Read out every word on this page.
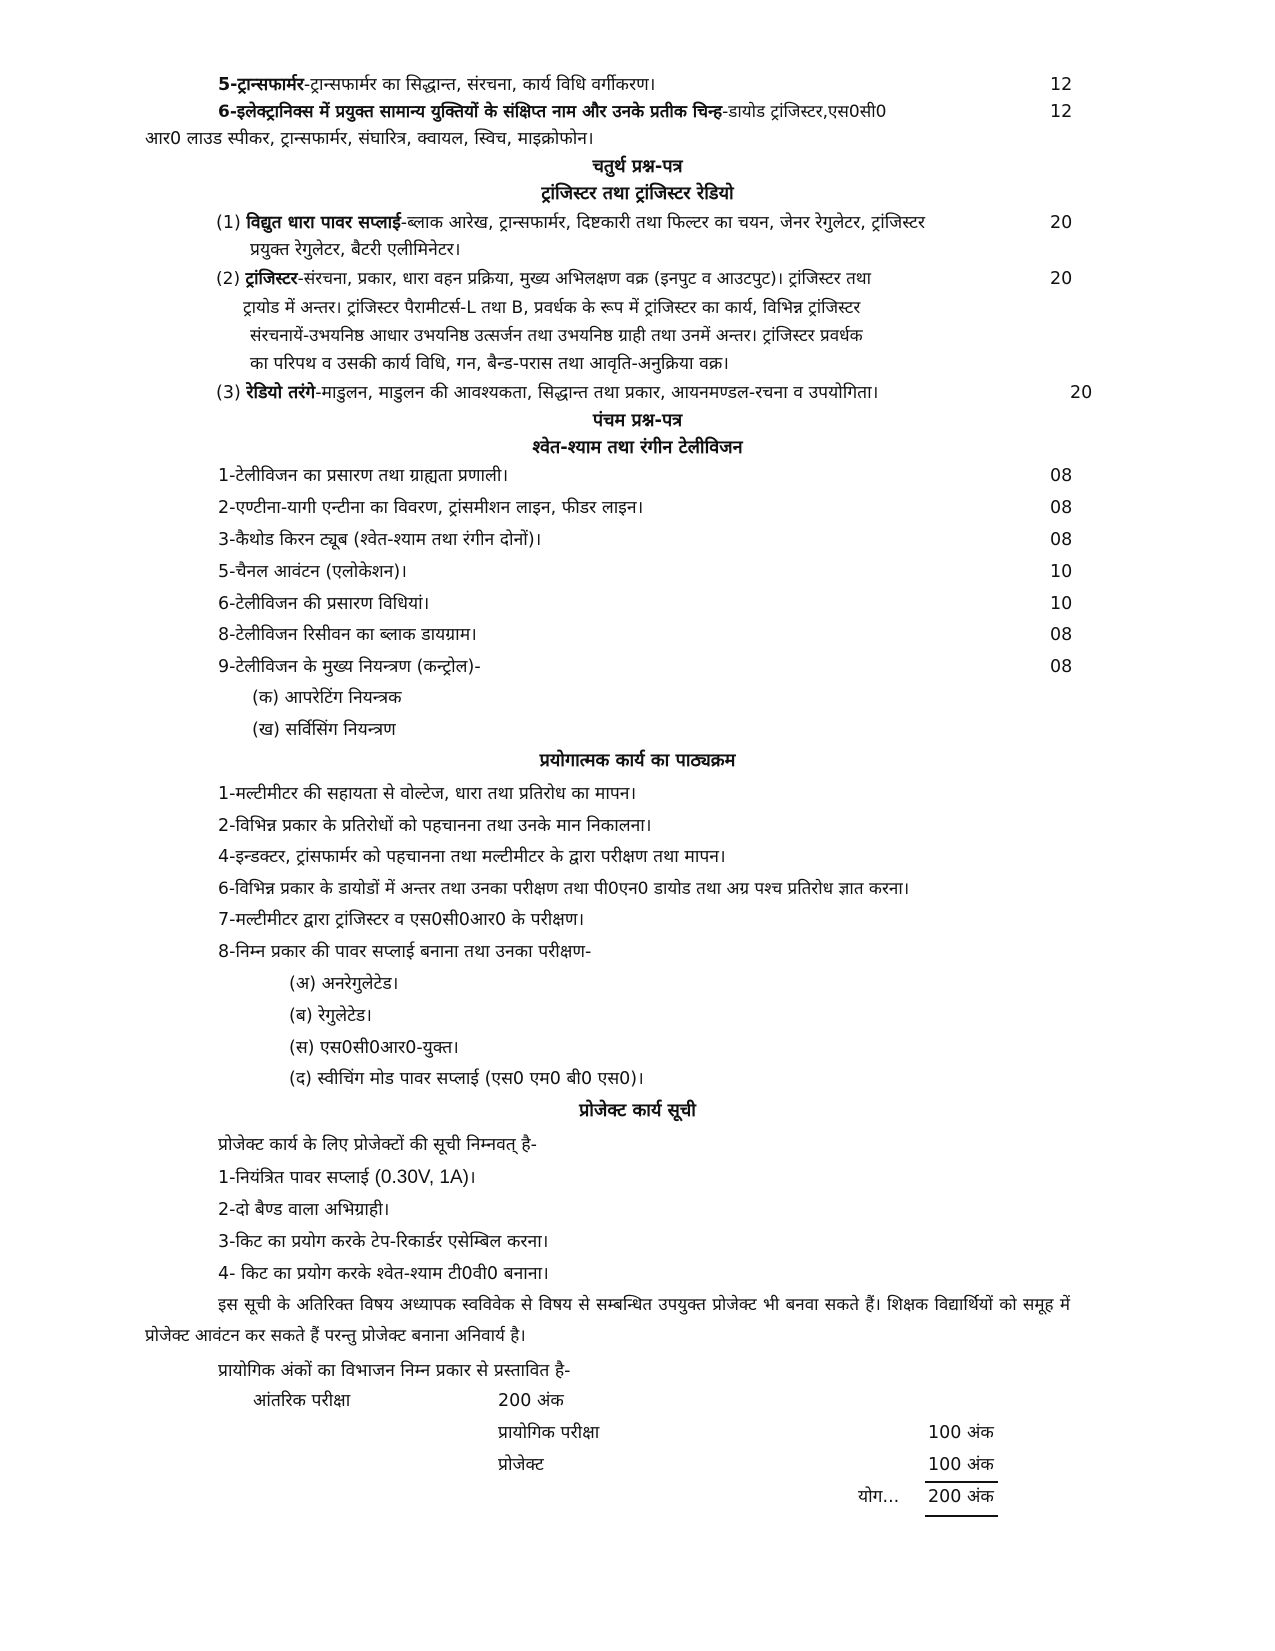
5-ट्रान्सफार्मर-ट्रान्सफार्मर का सिद्धान्त, संरचना, कार्य विधि वर्गीकरण।	12
6-इलेक्ट्रानिक्स में प्रयुक्त सामान्य युक्तियों के संक्षिप्त नाम और उनके प्रतीक चिन्ह-डायोड ट्रांजिस्टर,एस0सी0	12
आर0 लाउड स्पीकर, ट्रान्सफार्मर, संघारित्र, क्वायल, स्विच, माइक्रोफोन।
चतुर्थ प्रश्न-पत्र
ट्रांजिस्टर तथा ट्रांजिस्टर रेडियो
(1) विद्युत धारा पावर सप्लाई-ब्लाक आरेख, ट्रान्सफार्मर, दिष्टकारी तथा फिल्टर का चयन, जेनर रेगुलेटर, ट्रांजिस्टर	20
प्रयुक्त रेगुलेटर, बैटरी एलीमिनेटर।
(2) ट्रांजिस्टर-संरचना, प्रकार, धारा वहन प्रक्रिया, मुख्य अभिलक्षण वक्र (इनपुट व आउटपुट)। ट्रांजिस्टर तथा	20
ट्रायोड में अन्तर। ट्रांजिस्टर पैरामीटर्स-L तथा B, प्रवर्धक के रूप में ट्रांजिस्टर का कार्य, विभिन्न ट्रांजिस्टर
संरचनायें-उभयनिष्ठ आधार उभयनिष्ठ उत्सर्जन तथा उभयनिष्ठ ग्राही तथा उनमें अन्तर। ट्रांजिस्टर प्रवर्धक
का परिपथ व उसकी कार्य विधि, गन, बैन्ड-परास तथा आवृति-अनुक्रिया वक्र।
(3) रेडियो तरंगे-माडुलन, माडुलन की आवश्यकता, सिद्धान्त तथा प्रकार, आयनमण्डल-रचना व उपयोगिता।	20
पंचम प्रश्न-पत्र
श्वेत-श्याम तथा रंगीन टेलीविजन
1-टेलीविजन का प्रसारण तथा ग्राह्यता प्रणाली।	08
2-एण्टीना-यागी एन्टीना का विवरण, ट्रांसमीशन लाइन, फीडर लाइन।	08
3-कैथोड किरन ट्यूब (श्वेत-श्याम तथा रंगीन दोनों)।	08
5-चैनल आवंटन (एलोकेशन)।	10
6-टेलीविजन की प्रसारण विधियां।	10
8-टेलीविजन रिसीवन का ब्लाक डायग्राम।	08
9-टेलीविजन के मुख्य नियन्त्रण (कन्ट्रोल)-	08
(क) आपरेटिंग नियन्त्रक
(ख) सर्विसिंग नियन्त्रण
प्रयोगात्मक कार्य का पाठ्यक्रम
1-मल्टीमीटर की सहायता से वोल्टेज, धारा तथा प्रतिरोध का मापन।
2-विभिन्न प्रकार के प्रतिरोधों को पहचानना तथा उनके मान निकालना।
4-इन्डक्टर, ट्रांसफार्मर को पहचानना तथा मल्टीमीटर के द्वारा परीक्षण तथा मापन।
6-विभिन्न प्रकार के डायोडों में अन्तर तथा उनका परीक्षण तथा पी0एन0 डायोड तथा अग्र पश्च प्रतिरोध ज्ञात करना।
7-मल्टीमीटर द्वारा ट्रांजिस्टर व एस0सी0आर0 के परीक्षण।
8-निम्न प्रकार की पावर सप्लाई बनाना तथा उनका परीक्षण-
(अ) अनरेगुलेटेड।
(ब) रेगुलेटेड।
(स) एस0सी0आर0-युक्त।
(द) स्वीचिंग मोड पावर सप्लाई (एस0 एम0 बी0 एस0)।
प्रोजेक्ट कार्य सूची
प्रोजेक्ट कार्य के लिए प्रोजेक्टों की सूची निम्नवत् है-
1-नियंत्रित पावर सप्लाई (0.30V, 1A)।
2-दो बैण्ड वाला अभिग्राही।
3-किट का प्रयोग करके टेप-रिकार्डर एसेम्बिल करना।
4- किट का प्रयोग करके श्वेत-श्याम टी0वी0 बनाना।
इस सूची के अतिरिक्त विषय अध्यापक स्वविवेक से विषय से सम्बन्धित उपयुक्त प्रोजेक्ट भी बनवा सकते हैं। शिक्षक विद्यार्थियों को समूह में प्रोजेक्ट आवंटन कर सकते हैं परन्तु प्रोजेक्ट बनाना अनिवार्य है।
प्रायोगिक अंकों का विभाजन निम्न प्रकार से प्रस्तावित है-
आंतरिक परीक्षा	200 अंक
प्रायोगिक परीक्षा	100 अंक
प्रोजेक्ट	100 अंक
योग... 200 अंक
